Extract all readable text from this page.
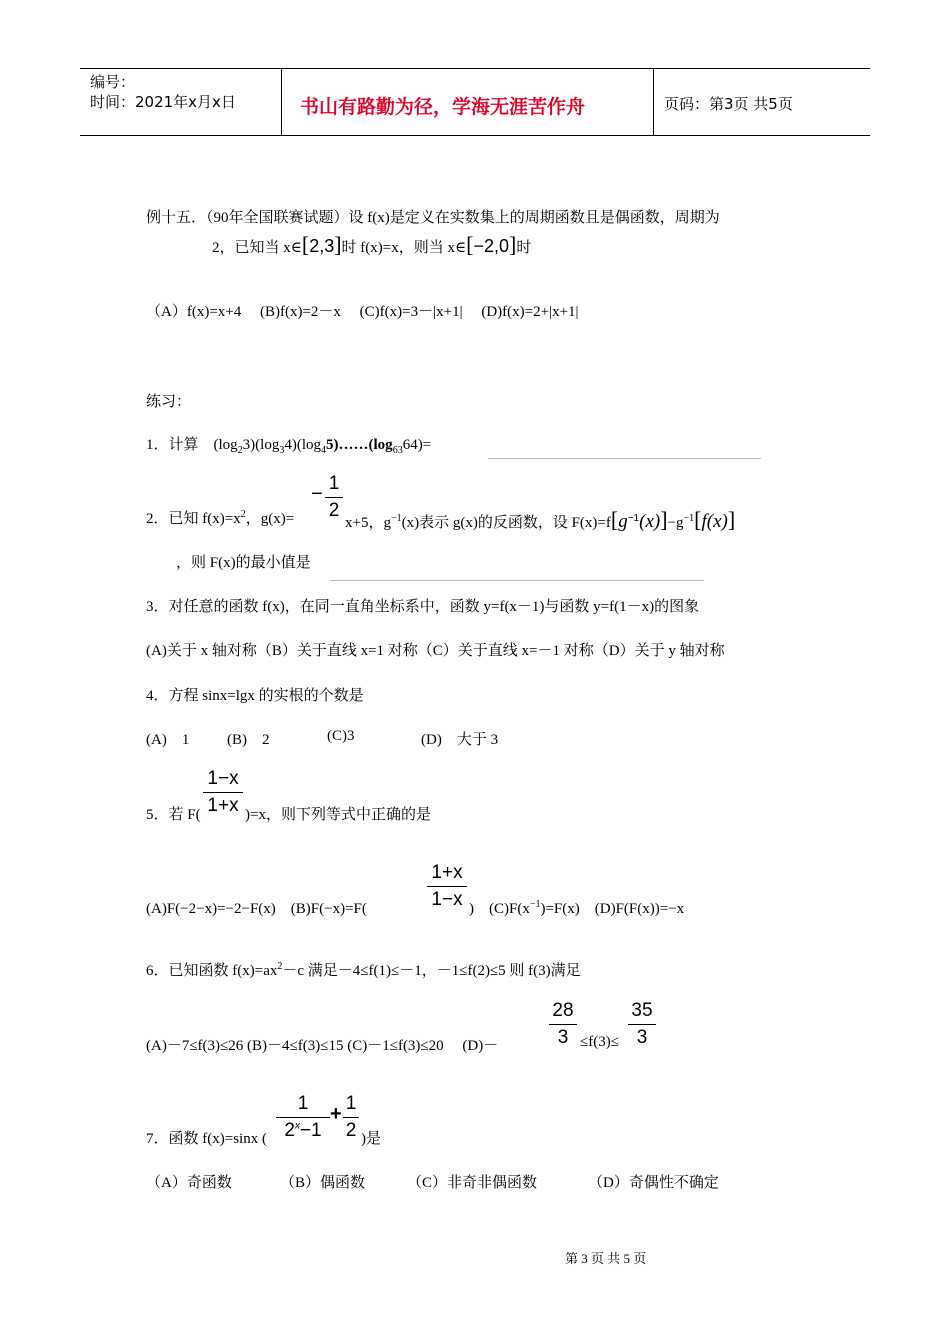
编号：
时间：2021年x月x日	书山有路勤为径，学海无涯苦作舟	页码：第3页 共5页
例十五．（90年全国联赛试题）设 f(x)是定义在实数集上的周期函数且是偶函数，周期为
2，已知当 x∈[2,3]时 f(x)=x，则当 x∈[−2,0]时
（A）f(x)=x+4　 (B)f(x)=2－x　 (C)f(x)=3－|x+1|　 (D)f(x)=2+|x+1|
练习：
1．计算　$(\log_23)(\log_34)(\log_45)\dots\dots(\log_{63}64)=$
2．已知 $f(x)=x^2$，g(x)=
− 1
2
x+5，$g^{-1}(x)$表示 g(x)的反函数，设 $F(x)=f[g^{-1}(x)]-g^{-1}[f(x)]$
，则 F(x)的最小值是
3．对任意的函数 f(x)，在同一直角坐标系中，函数 y=f(x－1)与函数 y=f(1－x)的图象
(A)关于 x 轴对称（B）关于直线 x=1 对称（C）关于直线 x=－1 对称（D）关于 y 轴对称
4．方程 sinx=lgx 的实根的个数是
(A)　1	(B)　2	(C)3	(D)　大于 3
5．若 F(
1−x
1+x )=x，则下列等式中正确的是
(A)F(−2−x)=−2−F(x)　(B)F(−x)=F(
1+x
1−x )　$(C)F(x^{-1})=F(x)$　(D)F(F(x))=−x
6．已知函数 $f(x)=ax^2-c$ 满足－4≤f(1)≤－1，－1≤f(2)≤5 则 f(3)满足
(A)－7≤f(3)≤26 (B)－4≤f(3)≤15 (C)－1≤f(3)≤20　 (D)－
28
3 ≤f(3)≤
35
3
7．函数 f(x)=sinx (
1
$2^x-1$
+ 1
2 )是
（A）奇函数	（B）偶函数	（C）非奇非偶函数	（D）奇偶性不确定
第 3 页 共 5 页
